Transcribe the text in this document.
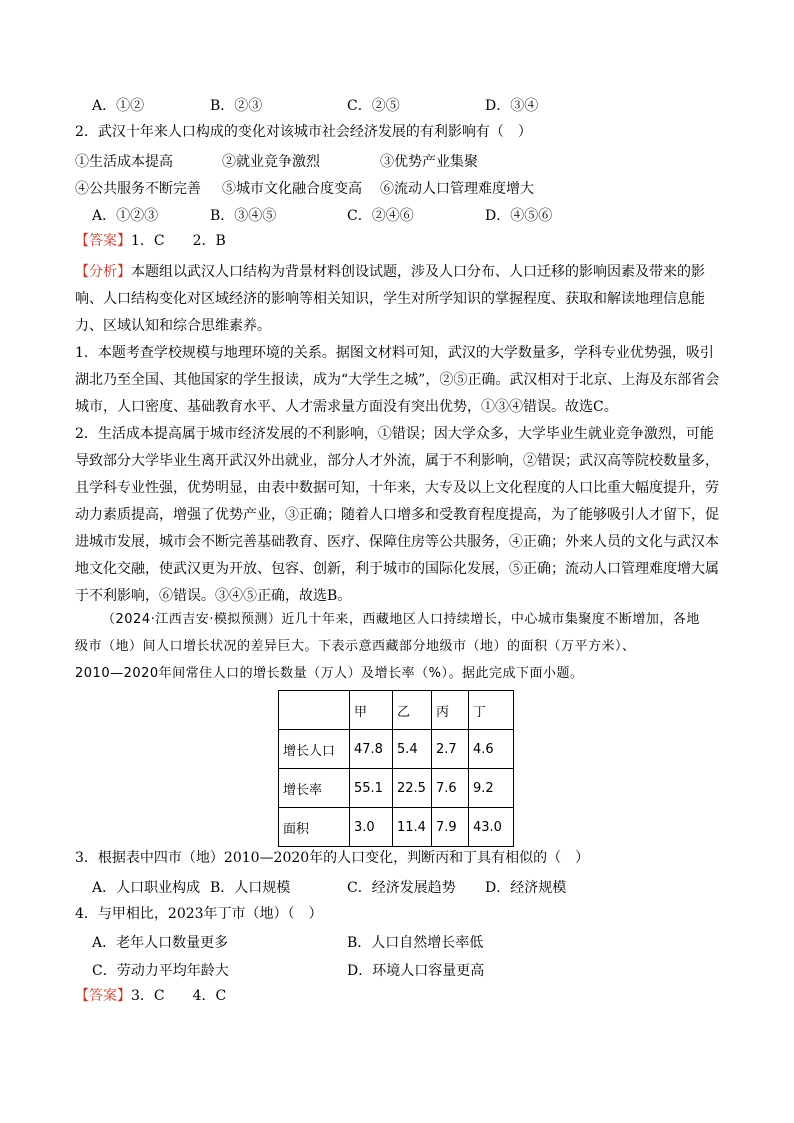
A．①②	B．②③	C．②⑤	D．③④
2．武汉十年来人口构成的变化对该城市社会经济发展的有利影响有（　）
①生活成本提高	②就业竞争激烈	③优势产业集聚
④公共服务不断完善 ⑤城市文化融合度变高 ⑥流动人口管理难度增大
A．①②③	B．③④⑤	C．②④⑥	D．④⑤⑥
【答案】1．C　　2．B
【分析】本题组以武汉人口结构为背景材料创设试题，涉及人口分布、人口迁移的影响因素及带来的影响、人口结构变化对区域经济的影响等相关知识，学生对所学知识的掌握程度、获取和解读地理信息能力、区域认知和综合思维素养。
1．本题考查学校规模与地理环境的关系。据图文材料可知，武汉的大学数量多，学科专业优势强，吸引湖北乃至全国、其他国家的学生报读，成为“大学生之城”，②⑤正确。武汉相对于北京、上海及东部省会城市，人口密度、基础教育水平、人才需求量方面没有突出优势，①③④错误。故选C。
2．生活成本提高属于城市经济发展的不利影响，①错误；因大学众多，大学毕业生就业竞争激烈，可能导致部分大学毕业生离开武汉外出就业，部分人才外流，属于不利影响，②错误；武汉高等院校数量多，且学科专业性强，优势明显，由表中数据可知，十年来，大专及以上文化程度的人口比重大幅度提升，劳动力素质提高，增强了优势产业，③正确；随着人口增多和受教育程度提高，为了能够吸引人才留下，促进城市发展，城市会不断完善基础教育、医疗、保障住房等公共服务，④正确；外来人员的文化与武汉本地文化交融，使武汉更为开放、包容、创新，利于城市的国际化发展，⑤正确；流动人口管理难度增大属于不利影响，⑥错误。③④⑤正确，故选B。
（2024·江西吉安·模拟预测）近几十年来，西藏地区人口持续增长，中心城市集聚度不断增加，各地
级市（地）间人口增长状况的差异巨大。下表示意西藏部分地级市（地）的面积（万平方米）、
2010—2020年间常住人口的增长数量（万人）及增长率（%）。据此完成下面小题。
	甲	乙	丙	丁
增长人口	47.8	5.4	2.7	4.6
增长率	55.1	22.5	7.6	9.2
面积	3.0	11.4	7.9	43.0
3．根据表中四市（地）2010—2020年的人口变化，判断丙和丁具有相似的（　）
A．人口职业构成 B．人口规模	C．经济发展趋势 D．经济规模
4．与甲相比，2023年丁市（地）（　）
A．老年人口数量更多	B．人口自然增长率低
C．劳动力平均年龄大	D．环境人口容量更高
【答案】3．C　　4．C
